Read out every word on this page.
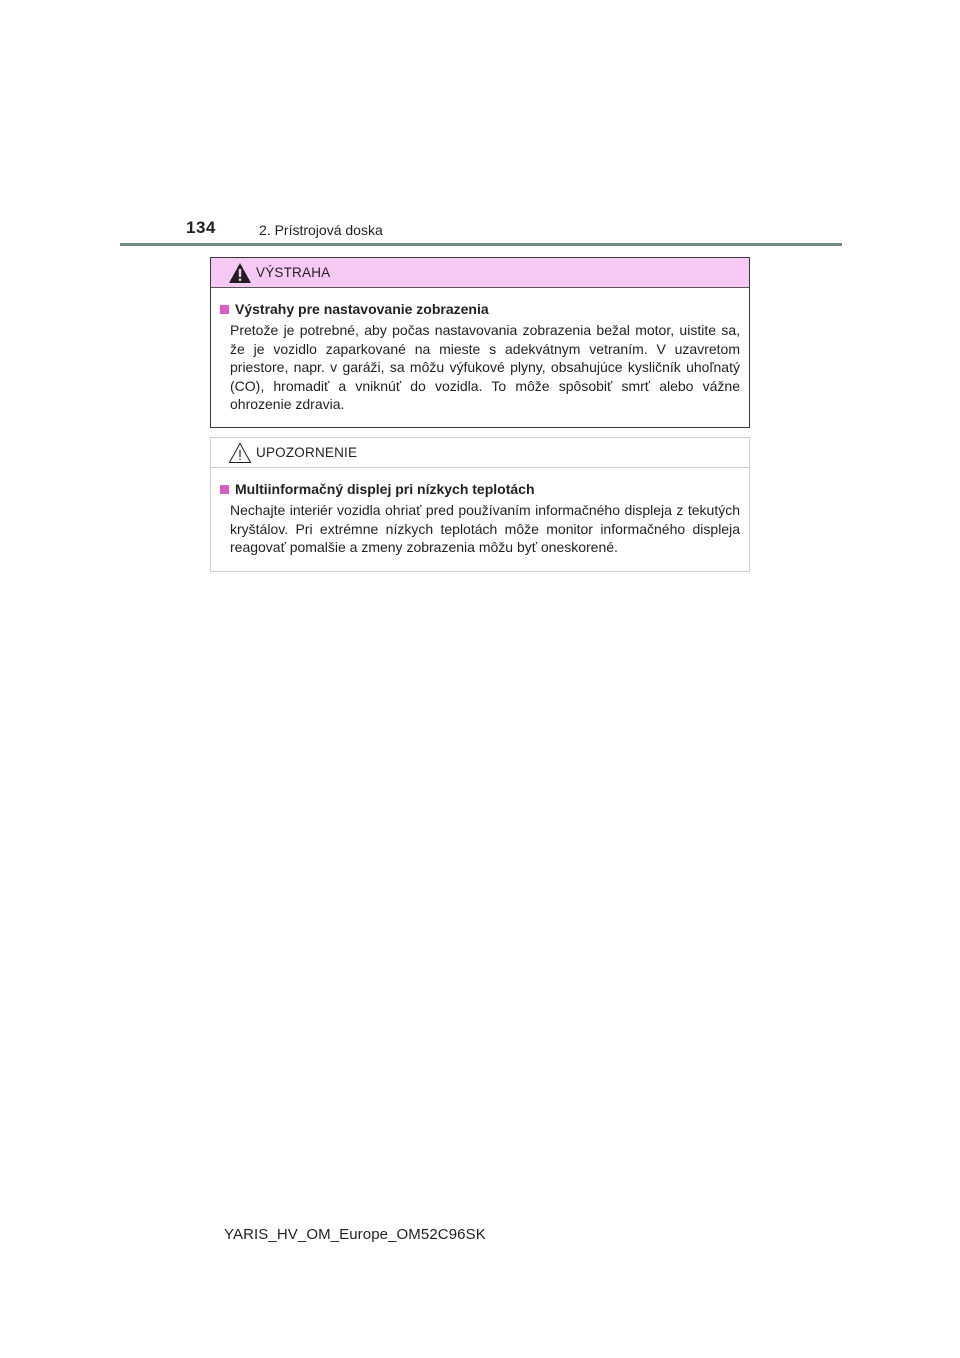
134	2. Prístrojová doska
VÝSTRAHA
Výstrahy pre nastavovanie zobrazenia

Pretože je potrebné, aby počas nastavovania zobrazenia bežal motor, uistite sa, že je vozidlo zaparkované na mieste s adekvátnym vetraním. V uzavretom priestore, napr. v garáži, sa môžu výfukové plyny, obsahujúce kysličník uhoľnatý (CO), hromadiť a vniknúť do vozidla. To môže spôsobiť smrť alebo vážne ohrozenie zdravia.

UPOZORNENIE
Multiinformačný displej pri nízkych teplotách

Nechajte interiér vozidla ohriať pred používaním informačného displeja z tekutých kryštálov. Pri extrémne nízkych teplotách môže monitor informačného displeja reagovať pomalšie a zmeny zobrazenia môžu byť oneskorené.

YARIS_HV_OM_Europe_OM52C96SK
